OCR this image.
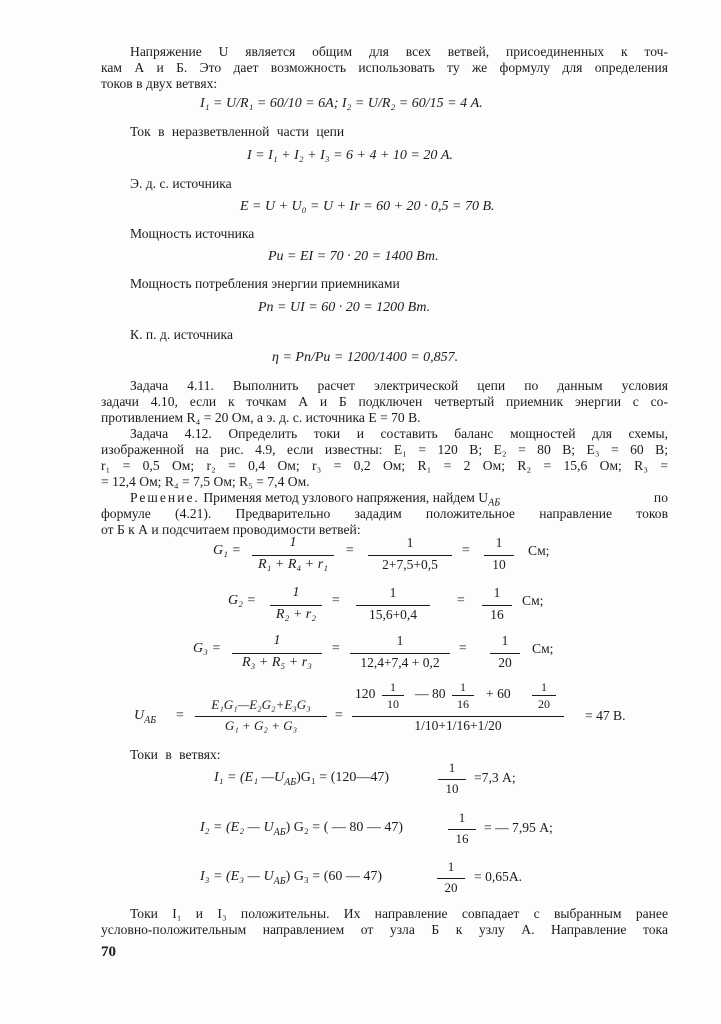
Напряжение U является общим для всех ветвей, присоединенных к точ-
кам А и Б. Это дает возможность использовать ту же формулу для определения
токов в двух ветвях:
I₁ = U/R₁ = 60/10 = 6А; I₂ = U/R₂ = 60/15 = 4 А.
Ток в неразветвленной части цепи
I = I₁ + I₂ + I₃ = 6 + 4 + 10 = 20 А.
Э. д. с. источника
E = U + U₀ = U + Ir = 60 + 20 · 0,5 = 70 В.
Мощность источника
Pи = EI = 70 · 20 = 1400 Вт.
Мощность потребления энергии приемниками
Pп = UI = 60 · 20 = 1200 Вт.
К. п. д. источника
η = Pп/Pи = 1200/1400 = 0,857.
Задача 4.11. Выполнить расчет электрической цепи по данным условия
задачи 4.10, если к точкам А и Б подключен четвертый приемник энергии с со-
противлением R₄ = 20 Ом, а э. д. с. источника E = 70 В.
Задача 4.12. Определить токи и составить баланс мощностей для схемы,
изображенной на рис. 4.9, если известны: E₁ = 120 В; E₂ = 80 В; E₃ = 60 В;
r₁ = 0,5 Ом; r₂ = 0,4 Ом; r₃ = 0,2 Ом; R₁ = 2 Ом; R₂ = 15,6 Ом; R₃ =
= 12,4 Ом; R₄ = 7,5 Ом; R₅ = 7,4 Ом.
Решение. Применяя метод узлового напряжения, найдем $U_{АБ}$	по
формуле (4.21). Предварительно зададим положительное направление токов
от Б к А и подсчитаем проводимости ветвей:
G₁ =
1
R₁ + R₄ + r₁
=
1
2+7,5+0,5
=
1
10
См;
G₂ =
1
R₂ + r₂
=
1
15,6+0,4
=
1
16
См;
G₃ =
1
R₃ + R₅ + r₃
=
1
12,4+7,4 + 0,2
=
1
20
См;
$U_{АБ}$ =
E₁G₁—E₂G₂+E₃G₃
G₁ + G₂ + G₃
=
120	1
10
— 80	1
16
+ 60	1
20
1/10+1/16+1/20
= 47 В.
Токи в ветвях:
I₁ = (E₁ $—U_{АБ})G_1$ = (120—47)
1
10
=7,3 А;
I₂ = (E₂ — $U_{АБ}$) G₂ = ( — 80 — 47)
1
16
= — 7,95 А;
I₃ = (E₃ — $U_{АБ}$) G₃ = (60 — 47)
1
20
= 0,65А.
Токи I₁ и I₃ положительны. Их направление совпадает с выбранным ранее
условно-положительным направлением от узла Б к узлу А. Направление тока
70
